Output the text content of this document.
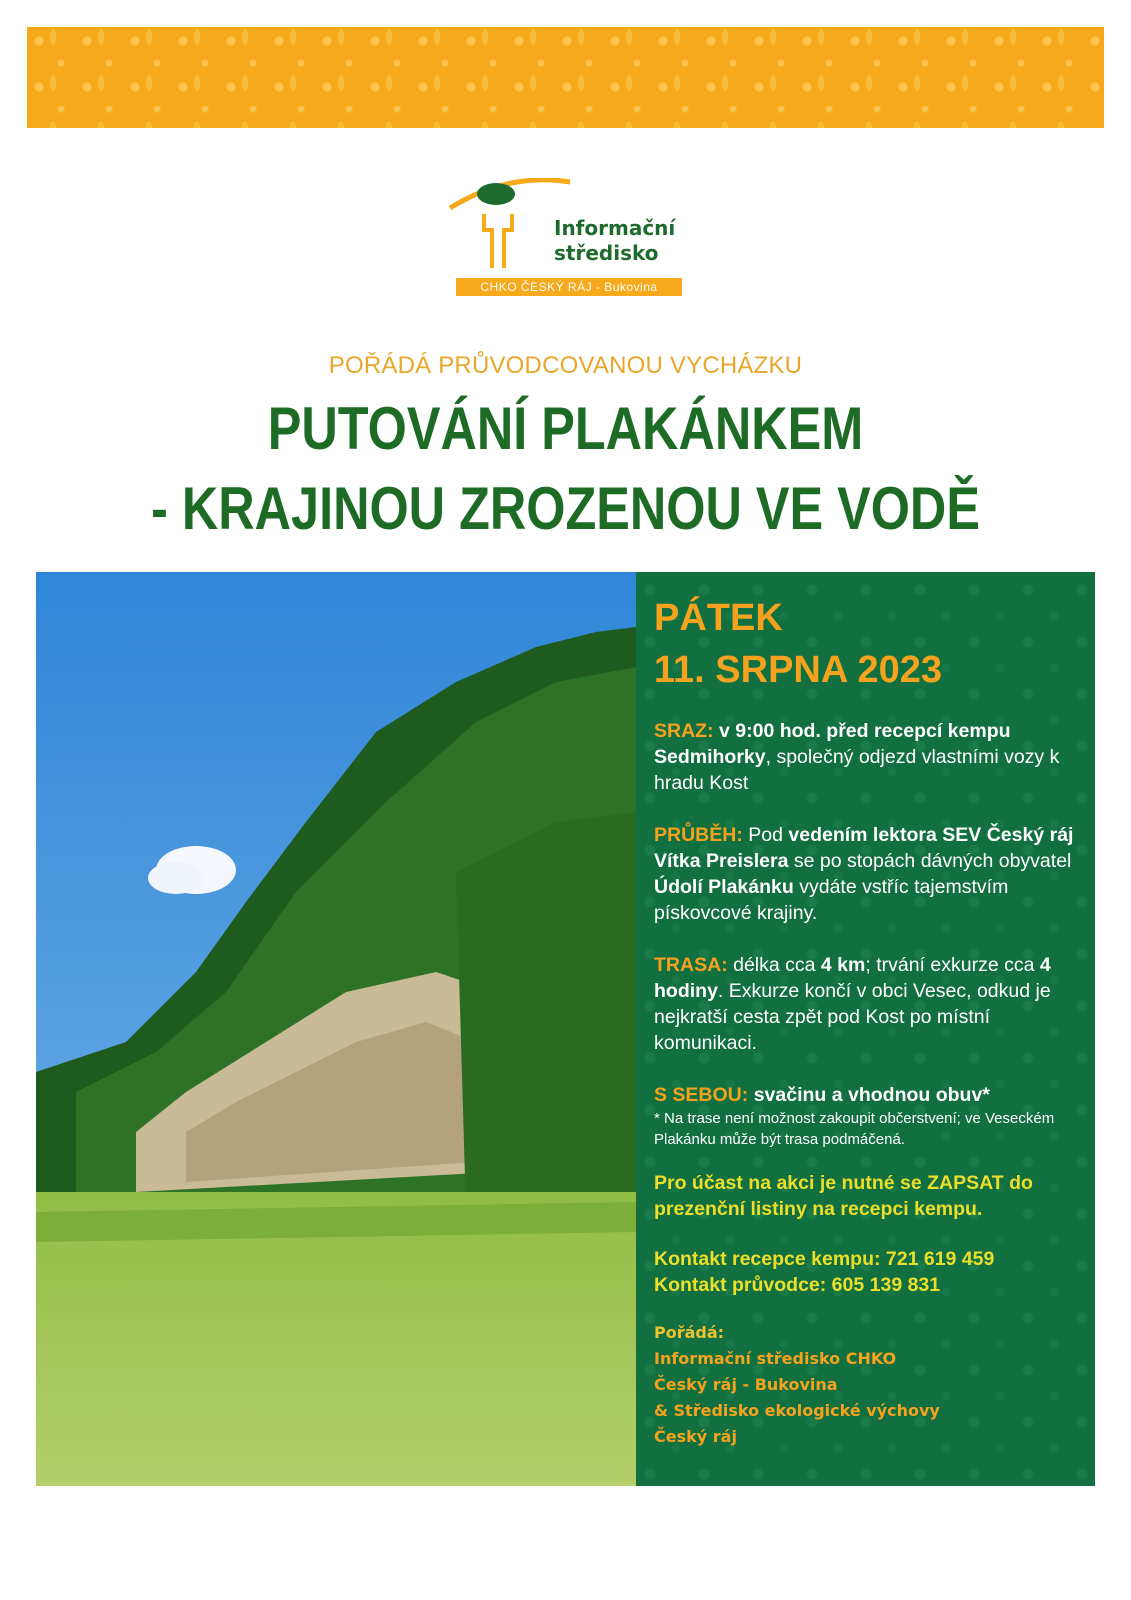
Informační
středisko
CHKO ČESKÝ RÁJ - Bukovina
POŘÁDÁ PRŮVODCOVANOU VYCHÁZKU
PUTOVÁNÍ PLAKÁNKEM
- KRAJINOU ZROZENOU VE VODĚ
PÁTEK
11. SRPNA 2023
SRAZ: v 9:00 hod. před recepcí kempu Sedmihorky, společný odjezd vlastními vozy k hradu Kost
PRŮBĚH: Pod vedením lektora SEV Český ráj Vítka Preislera se po stopách dávných obyvatel Údolí Plakánku vydáte vstříc tajemstvím pískovcové krajiny.
TRASA: délka cca 4 km; trvání exkurze cca 4 hodiny. Exkurze končí v obci Vesec, odkud je nejkratší cesta zpět pod Kost po místní komunikaci.
S SEBOU: svačinu a vhodnou obuv*
* Na trase není možnost zakoupit občerstvení; ve Veseckém Plakánku může být trasa podmáčená.
Pro účast na akci je nutné se ZAPSAT do prezenční listiny na recepci kempu.
Kontakt recepce kempu: 721 619 459
Kontakt průvodce: 605 139 831
Pořádá:
Informační středisko CHKO
Český ráj - Bukovina
& Středisko ekologické výchovy
Český ráj
